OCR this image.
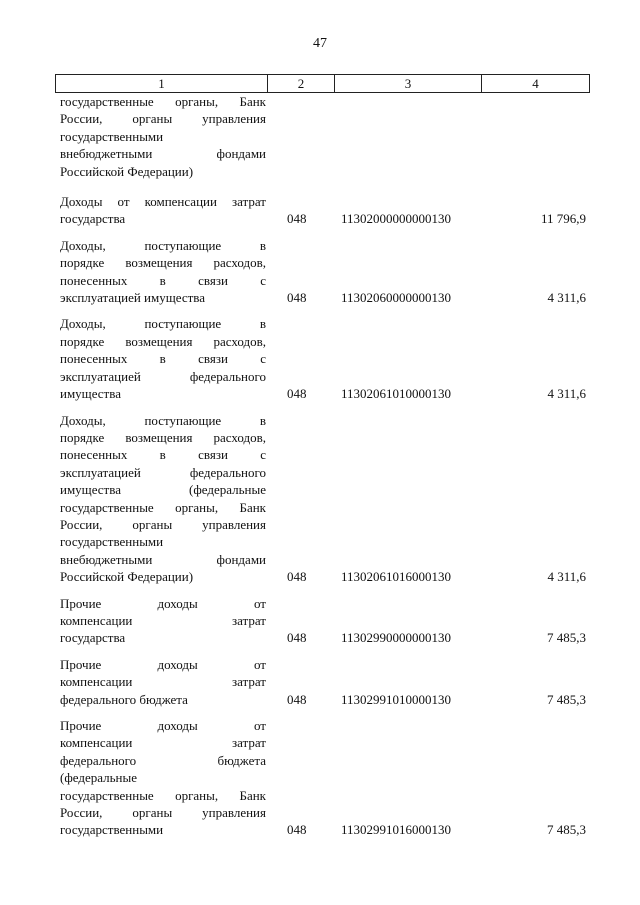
47
1	2	3	4
государственные органы, Банк
России, органы управления
государственными
внебюджетными фондами
Российской Федерации)
Доходы от компенсации затрат
государства	048	11302000000000130	11 796,9
Доходы, поступающие в
порядке возмещения расходов,
понесенных в связи с
эксплуатацией имущества	048	11302060000000130	4 311,6
Доходы, поступающие в
порядке возмещения расходов,
понесенных в связи с
эксплуатацией федерального
имущества	048	11302061010000130	4 311,6
Доходы, поступающие в
порядке возмещения расходов,
понесенных в связи с
эксплуатацией федерального
имущества (федеральные
государственные органы, Банк
России, органы управления
государственными
внебюджетными фондами
Российской Федерации)	048	11302061016000130	4 311,6
Прочие доходы от
компенсации затрат
государства	048	11302990000000130	7 485,3
Прочие доходы от
компенсации затрат
федерального бюджета	048	11302991010000130	7 485,3
Прочие доходы от
компенсации затрат
федерального бюджета
(федеральные
государственные органы, Банк
России, органы управления
государственными	048	11302991016000130	7 485,3
